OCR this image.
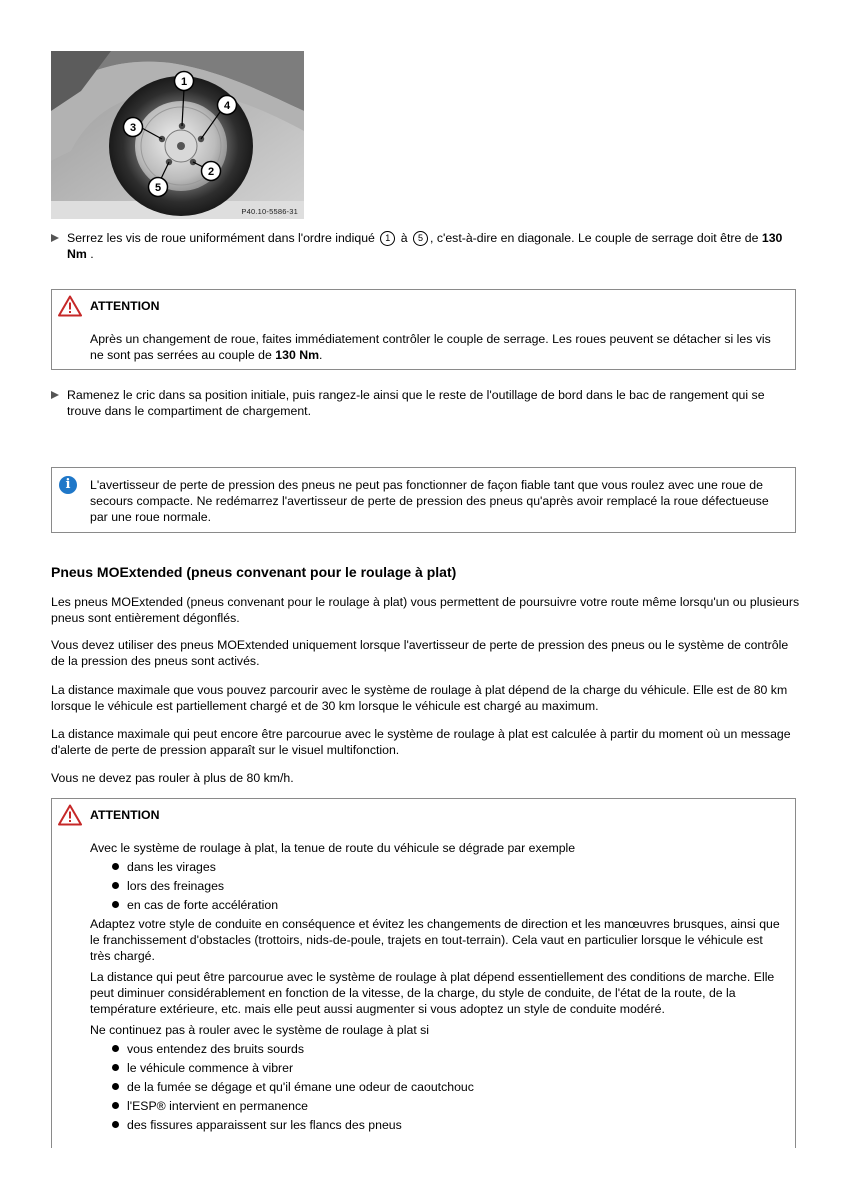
1
2
3
4
5
P40.10-5586-31

Serrez les vis de roue uniformément dans l'ordre indiqué 1 à 5 , c'est-à-dire en diagonale. Le couple de serrage doit être de 130 Nm .

ATTENTION

Après un changement de roue, faites immédiatement contrôler le couple de serrage. Les roues peuvent se détacher si les vis ne sont pas serrées au couple de 130 Nm.

Ramenez le cric dans sa position initiale, puis rangez-le ainsi que le reste de l'outillage de bord dans le bac de rangement qui se trouve dans le compartiment de chargement.

i	L'avertisseur de perte de pression des pneus ne peut pas fonctionner de façon fiable tant que vous roulez avec une roue de secours compacte. Ne redémarrez l'avertisseur de perte de pression des pneus qu'après avoir remplacé la roue défectueuse par une roue normale.

Pneus MOExtended (pneus convenant pour le roulage à plat)

Les pneus MOExtended (pneus convenant pour le roulage à plat) vous permettent de poursuivre votre route même lorsqu'un ou plusieurs pneus sont entièrement dégonflés.

Vous devez utiliser des pneus MOExtended uniquement lorsque l'avertisseur de perte de pression des pneus ou le système de contrôle de la pression des pneus sont activés.

La distance maximale que vous pouvez parcourir avec le système de roulage à plat dépend de la charge du véhicule. Elle est de 80 km lorsque le véhicule est partiellement chargé et de 30 km lorsque le véhicule est chargé au maximum.

La distance maximale qui peut encore être parcourue avec le système de roulage à plat est calculée à partir du moment où un message d'alerte de perte de pression apparaît sur le visuel multifonction.

Vous ne devez pas rouler à plus de 80 km/h.

ATTENTION

Avec le système de roulage à plat, la tenue de route du véhicule se dégrade par exemple

dans les virages
lors des freinages
en cas de forte accélération

Adaptez votre style de conduite en conséquence et évitez les changements de direction et les manœuvres brusques, ainsi que le franchissement d'obstacles (trottoirs, nids-de-poule, trajets en tout-terrain). Cela vaut en particulier lorsque le véhicule est très chargé.

La distance qui peut être parcourue avec le système de roulage à plat dépend essentiellement des conditions de marche. Elle peut diminuer considérablement en fonction de la vitesse, de la charge, du style de conduite, de l'état de la route, de la température extérieure, etc. mais elle peut aussi augmenter si vous adoptez un style de conduite modéré.

Ne continuez pas à rouler avec le système de roulage à plat si

vous entendez des bruits sourds
le véhicule commence à vibrer
de la fumée se dégage et qu'il émane une odeur de caoutchouc
l'ESP® intervient en permanence
des fissures apparaissent sur les flancs des pneus
